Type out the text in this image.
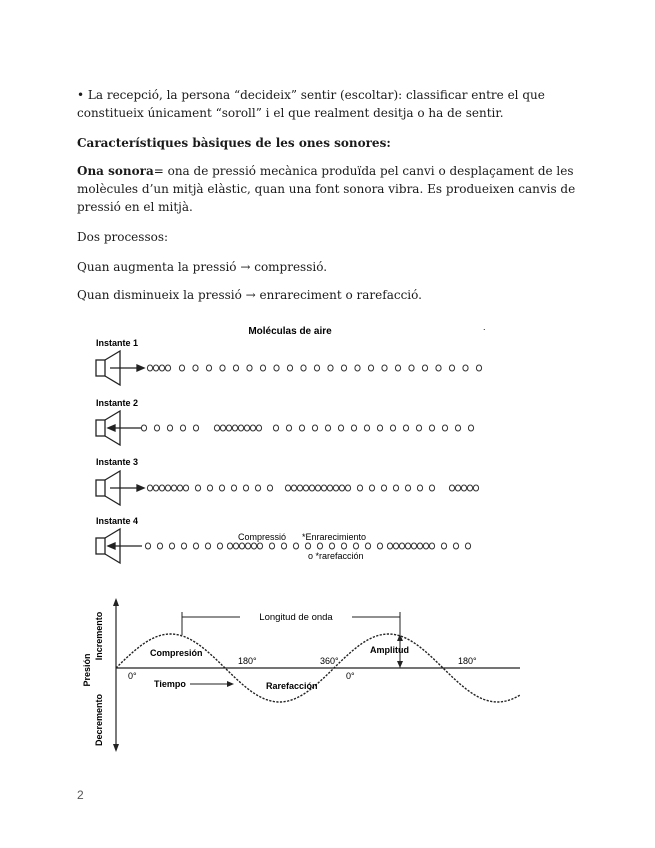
• La recepció, la persona “decideix” sentir (escoltar): classificar entre el que constitueix únicament “soroll” i el que realment desitja o ha de sentir.

Característiques bàsiques de les ones sonores:

Ona sonora= ona de pressió mecànica produïda pel canvi o desplaçament de les molècules d’un mitjà elàstic, quan una font sonora vibra. Es produeixen canvis de pressió en el mitjà.

Dos processos:

Quan augmenta la pressió → compressió.

Quan disminueix la pressió → enrareciment o rarefacció.

Moléculas de aire	.
Instante 1
Instante 2
Instante 3
Instante 4
Compressió *Enrarecimiento
o *rarefacción
Incremento
Presión
Decremento
Longitud de onda
Compresión
Rarefacción
Amplitud
Tiempo
0°
180°	360°
0°
180°
2
